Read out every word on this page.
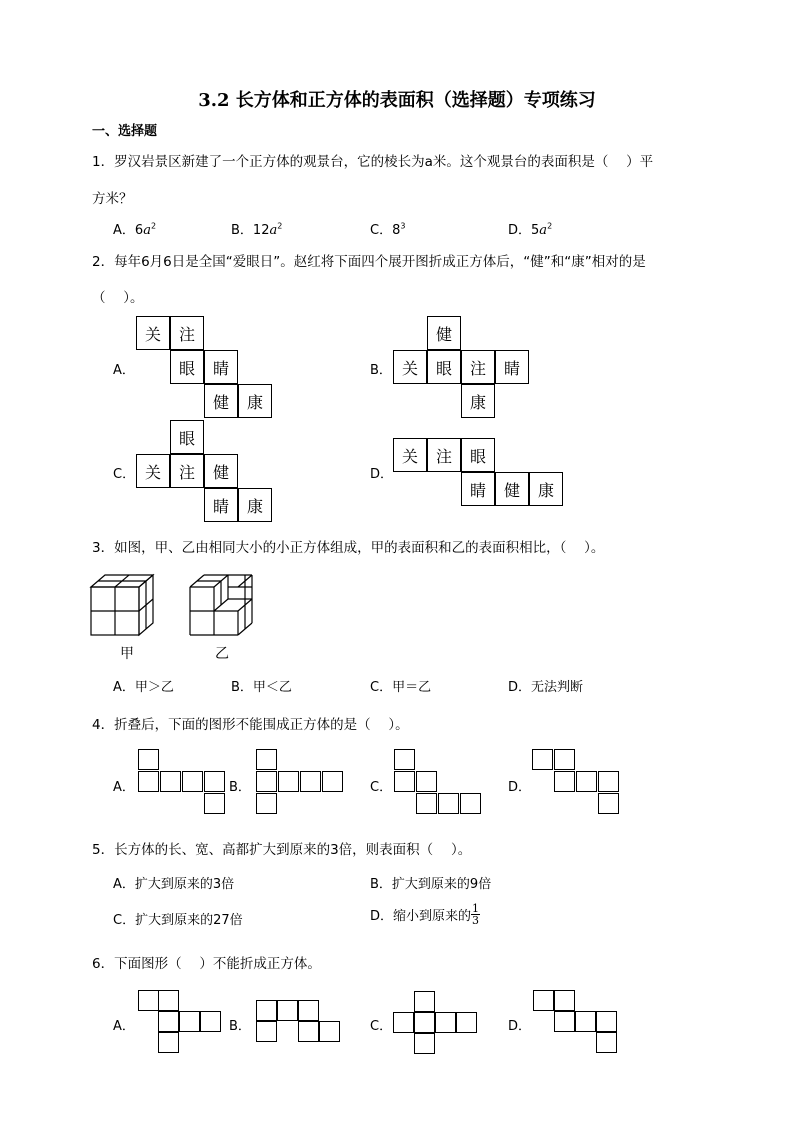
3.2 长方体和正方体的表面积（选择题）专项练习
一、选择题
1．罗汉岩景区新建了一个正方体的观景台，它的棱长为a米。这个观景台的表面积是（　 ）平
方米？
A．$6a^2$	B．$12a^2$	C．$8^3$	D．$5a^2$
2．每年6月6日是全国“爱眼日”。赵红将下面四个展开图折成正方体后，“健”和“康”相对的是
（　 ）。
A．
关	注
眼	睛
健	康
B．
健
关	眼	注	睛
康
C．
眼
关	注	健
睛	康
D．
关	注	眼
睛	健	康
3．如图，甲、乙由相同大小的小正方体组成，甲的表面积和乙的表面积相比，（　 ）。
甲	乙
A．甲＞乙	B．甲＜乙	C．甲＝乙	D．无法判断
4．折叠后，下面的图形不能围成正方体的是（　 ）。
A．	B．	C．	D．
5．长方体的长、宽、高都扩大到原来的3倍，则表面积（　 ）。
A．扩大到原来的3倍	B．扩大到原来的9倍
C．扩大到原来的27倍	D．缩小到原来的 $\frac{1}{3}$
6．下面图形（　 ）不能折成正方体。
A．	B．	C．	D．
